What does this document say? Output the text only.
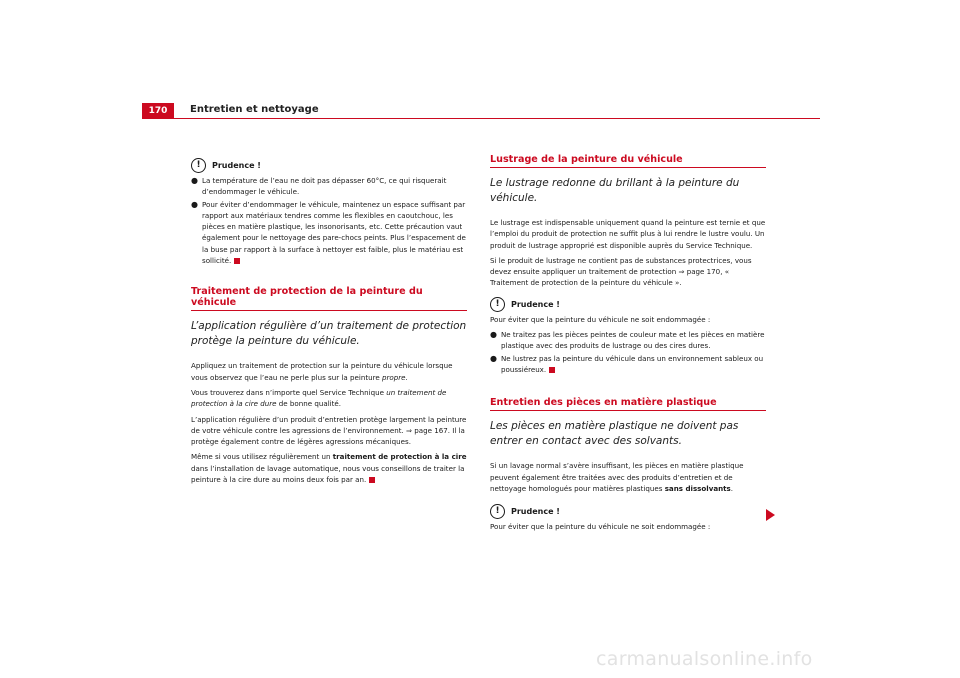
170	Entretien et nettoyage
!	Prudence !
● La température de l’eau ne doit pas dépasser 60°C, ce qui risquerait d’endommager le véhicule.
● Pour éviter d’endommager le véhicule, maintenez un espace suffisant par rapport aux matériaux tendres comme les flexibles en caoutchouc, les pièces en matière plastique, les insonorisants, etc. Cette précaution vaut également pour le nettoyage des pare-chocs peints. Plus l’espacement de la buse par rapport à la surface à nettoyer est faible, plus le matériau est sollicité.
Traitement de protection de la peinture du véhicule
L’application régulière d’un traitement de protection protège la peinture du véhicule.

Appliquez un traitement de protection sur la peinture du véhicule lorsque vous observez que l’eau ne perle plus sur la peinture propre.

Vous trouverez dans n’importe quel Service Technique un traitement de protection à la cire dure de bonne qualité.

L’application régulière d’un produit d’entretien protège largement la peinture de votre véhicule contre les agressions de l’environnement. ⇒ page 167. Il la protège également contre de légères agressions mécaniques.

Même si vous utilisez régulièrement un traitement de protection à la cire dans l’installation de lavage automatique, nous vous conseillons de traiter la peinture à la cire dure au moins deux fois par an.

Lustrage de la peinture du véhicule
Le lustrage redonne du brillant à la peinture du véhicule.

Le lustrage est indispensable uniquement quand la peinture est ternie et que l’emploi du produit de protection ne suffit plus à lui rendre le lustre voulu. Un produit de lustrage approprié est disponible auprès du Service Technique.

Si le produit de lustrage ne contient pas de substances protectrices, vous devez ensuite appliquer un traitement de protection ⇒ page 170, « Traitement de protection de la peinture du véhicule ».

!	Prudence !

Pour éviter que la peinture du véhicule ne soit endommagée :

● Ne traitez pas les pièces peintes de couleur mate et les pièces en matière plastique avec des produits de lustrage ou des cires dures.
● Ne lustrez pas la peinture du véhicule dans un environnement sableux ou poussiéreux.
Entretien des pièces en matière plastique
Les pièces en matière plastique ne doivent pas entrer en contact avec des solvants.

Si un lavage normal s’avère insuffisant, les pièces en matière plastique peuvent également être traitées avec des produits d’entretien et de nettoyage homologués pour matières plastiques sans dissolvants.

!	Prudence !

Pour éviter que la peinture du véhicule ne soit endommagée :

carmanualsonline.info
